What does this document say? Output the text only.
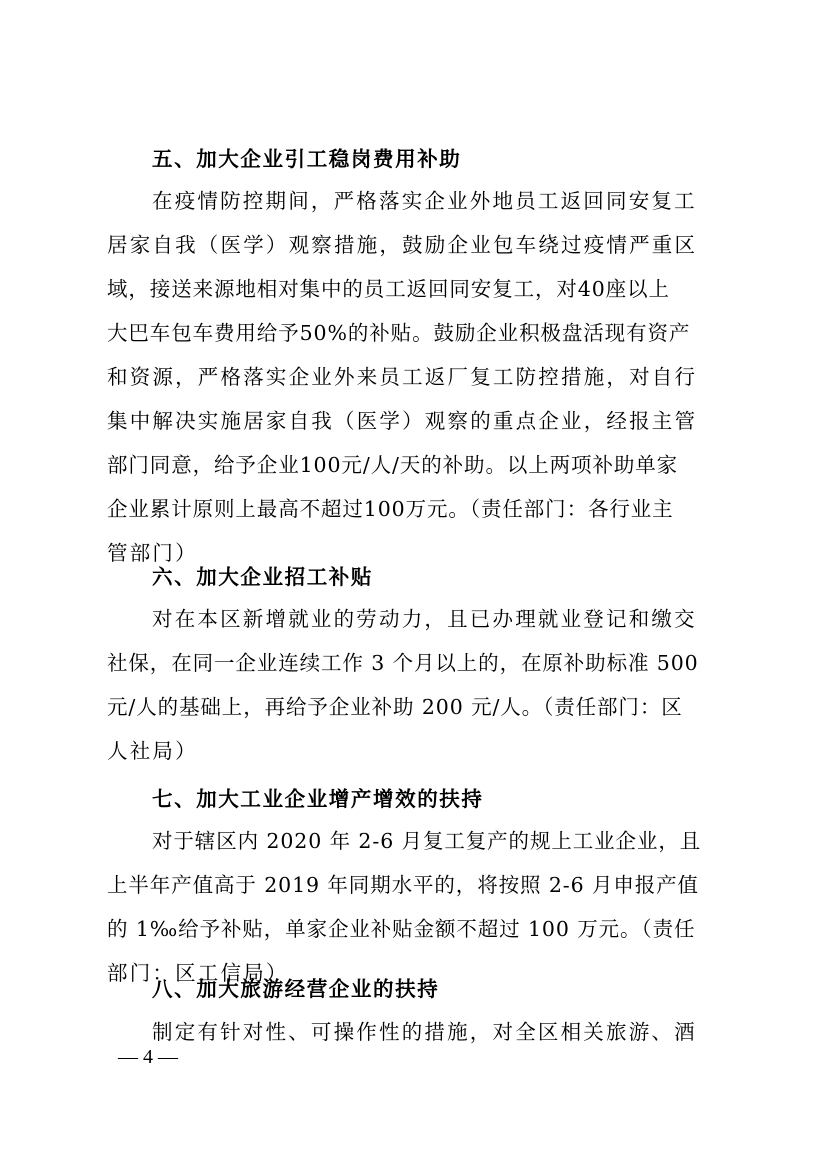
五、加大企业引工稳岗费用补助
在疫情防控期间，严格落实企业外地员工返回同安复工
居家自我（医学）观察措施，鼓励企业包车绕过疫情严重区
域，接送来源地相对集中的员工返回同安复工，对40座以上
大巴车包车费用给予50%的补贴。鼓励企业积极盘活现有资产
和资源，严格落实企业外来员工返厂复工防控措施，对自行
集中解决实施居家自我（医学）观察的重点企业，经报主管
部门同意，给予企业100元/人/天的补助。以上两项补助单家
企业累计原则上最高不超过100万元。（责任部门：各行业主
管部门）
六、加大企业招工补贴
对在本区新增就业的劳动力，且已办理就业登记和缴交
社保，在同一企业连续工作 3 个月以上的，在原补助标准 500
元/人的基础上，再给予企业补助 200 元/人。（责任部门：区
人社局）
七、加大工业企业增产增效的扶持
对于辖区内 2020 年 2-6 月复工复产的规上工业企业，且
上半年产值高于 2019 年同期水平的，将按照 2-6 月申报产值
的 1‰给予补贴，单家企业补贴金额不超过 100 万元。（责任
部门：区工信局）
八、加大旅游经营企业的扶持
制定有针对性、可操作性的措施，对全区相关旅游、酒
— 4 —
